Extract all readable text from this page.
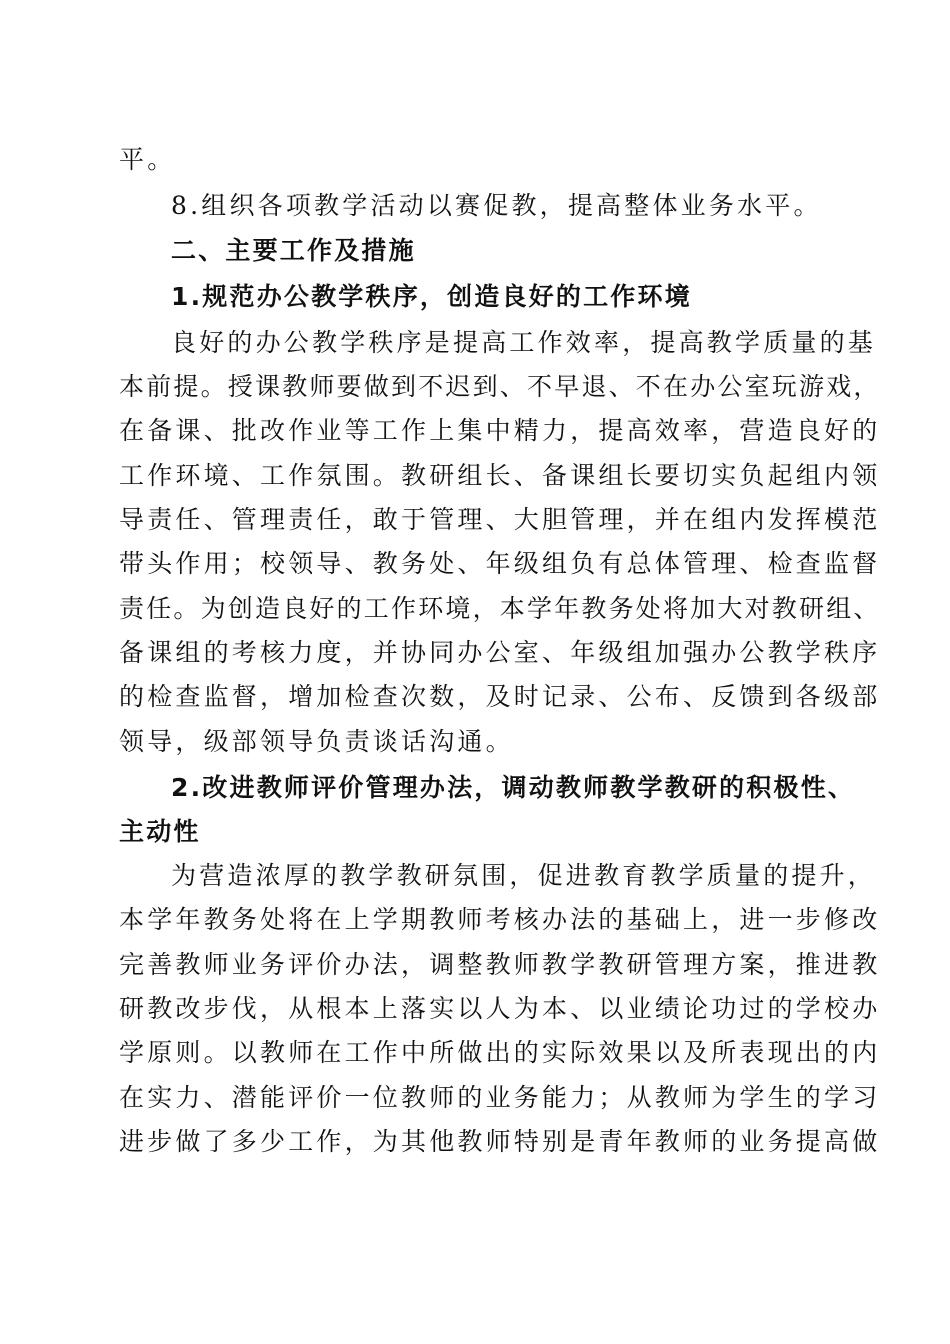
平。
8.组织各项教学活动以赛促教，提高整体业务水平。
二、主要工作及措施
1.规范办公教学秩序，创造良好的工作环境
良好的办公教学秩序是提高工作效率，提高教学质量的基
本前提。授课教师要做到不迟到、不早退、不在办公室玩游戏，
在备课、批改作业等工作上集中精力，提高效率，营造良好的
工作环境、工作氛围。教研组长、备课组长要切实负起组内领
导责任、管理责任，敢于管理、大胆管理，并在组内发挥模范
带头作用；校领导、教务处、年级组负有总体管理、检查监督
责任。为创造良好的工作环境，本学年教务处将加大对教研组、
备课组的考核力度，并协同办公室、年级组加强办公教学秩序
的检查监督，增加检查次数，及时记录、公布、反馈到各级部
领导，级部领导负责谈话沟通。
2.改进教师评价管理办法，调动教师教学教研的积极性、
主动性
为营造浓厚的教学教研氛围，促进教育教学质量的提升，
本学年教务处将在上学期教师考核办法的基础上，进一步修改
完善教师业务评价办法，调整教师教学教研管理方案，推进教
研教改步伐，从根本上落实以人为本、以业绩论功过的学校办
学原则。以教师在工作中所做出的实际效果以及所表现出的内
在实力、潜能评价一位教师的业务能力；从教师为学生的学习
进步做了多少工作，为其他教师特别是青年教师的业务提高做
